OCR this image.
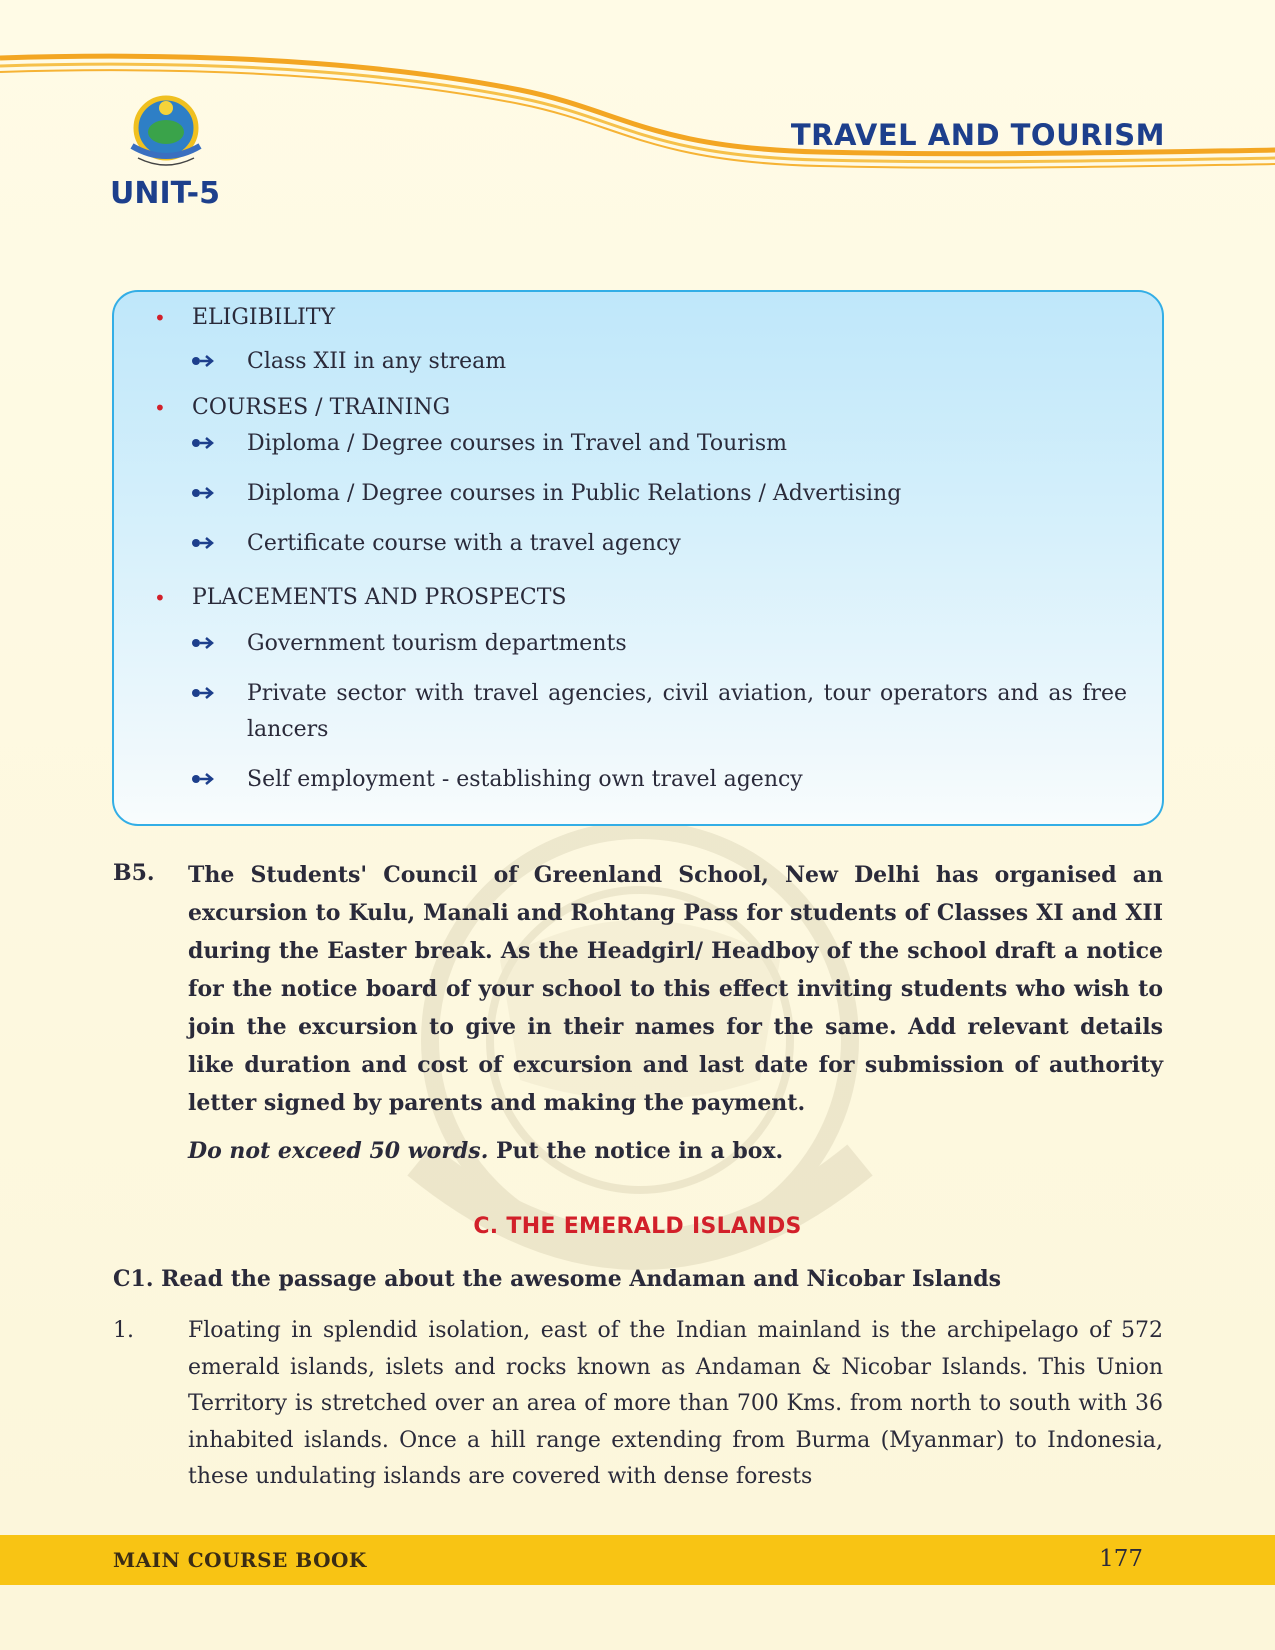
UNIT-5
TRAVEL AND TOURISM
• ELIGIBILITY
Class XII in any stream
• COURSES / TRAINING
Diploma / Degree courses in Travel and Tourism
Diploma / Degree courses in Public Relations / Advertising
Certificate course with a travel agency
• PLACEMENTS AND PROSPECTS
Government tourism departments
Private sector with travel agencies, civil aviation, tour operators and as free lancers
Self employment - establishing own travel agency
B5. The Students' Council of Greenland School, New Delhi has organised an excursion to Kulu, Manali and Rohtang Pass for students of Classes XI and XII during the Easter break. As the Headgirl/ Headboy of the school draft a notice for the notice board of your school to this effect inviting students who wish to join the excursion to give in their names for the same. Add relevant details like duration and cost of excursion and last date for submission of authority letter signed by parents and making the payment.
Do not exceed 50 words. Put the notice in a box.
C. THE EMERALD ISLANDS
C1. Read the passage about the awesome Andaman and Nicobar Islands
1. Floating in splendid isolation, east of the Indian mainland is the archipelago of 572 emerald islands, islets and rocks known as Andaman & Nicobar Islands. This Union Territory is stretched over an area of more than 700 Kms. from north to south with 36 inhabited islands. Once a hill range extending from Burma (Myanmar) to Indonesia, these undulating islands are covered with dense forests
MAIN COURSE BOOK	177
